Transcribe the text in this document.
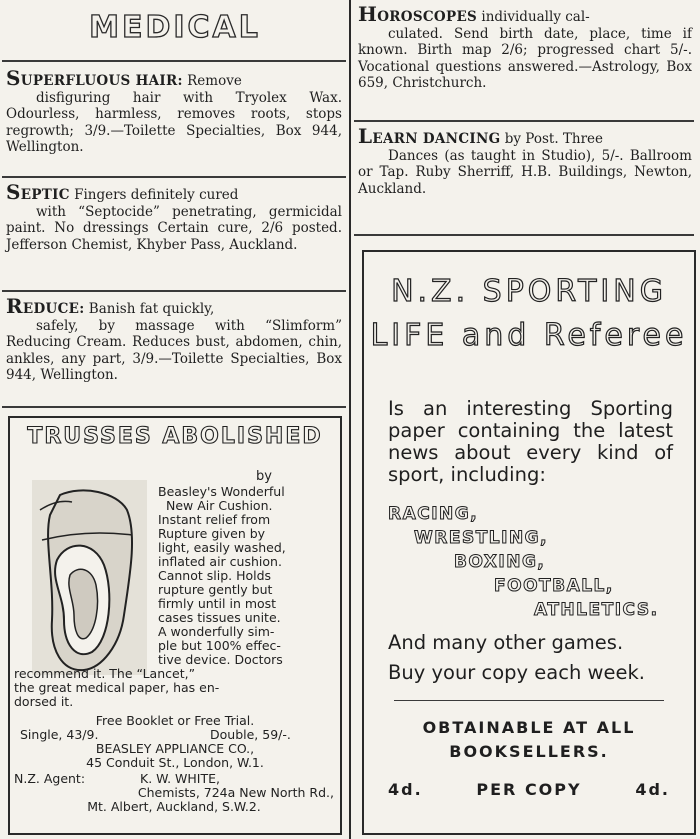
MEDICAL
SUPERFLUOUS HAIR: Remove
disfiguring hair with Tryolex Wax. Odourless, harmless, removes roots, stops regrowth; 3/9.—Toilette Specialties, Box 944, Wellington.
SEPTIC Fingers definitely cured
with “Septocide” penetrating, germicidal paint. No dressings Certain cure, 2/6 posted. Jefferson Chemist, Khyber Pass, Auckland.
REDUCE: Banish fat quickly,
safely, by massage with “Slimform” Reducing Cream. Reduces bust, abdomen, chin, ankles, any part, 3/9.—Toilette Specialties, Box 944, Wellington.
TRUSSES ABOLISHED
by
Beasley's Wonderful
New Air Cushion.
Instant relief from
Rupture given by
light, easily washed,
inflated air cushion.
Cannot slip. Holds
rupture gently but
firmly until in most
cases tissues unite.
A wonderfully sim-
ple but 100% effec-
tive device. Doctors
recommend it. The “Lancet,”
the great medical paper, has en-
dorsed it.
Free Booklet or Free Trial.
Single, 43/9.	Double, 59/-.
BEASLEY APPLIANCE CO.,
45 Conduit St., London, W.1.
N.Z. Agent:	K. W. WHITE,
Chemists, 724a New North Rd.,
Mt. Albert, Auckland, S.W.2.
HOROSCOPES individually cal-
culated. Send birth date, place, time if known. Birth map 2/6; progressed chart 5/-. Vocational questions answered.—Astrology, Box 659, Christchurch.
LEARN DANCING by Post. Three
Dances (as taught in Studio), 5/-. Ballroom or Tap. Ruby Sherriff, H.B. Buildings, Newton, Auckland.
N.Z. SPORTING
LIFE and Referee
Is an interesting Sporting paper containing the latest news about every kind of sport, including:
RACING,
WRESTLING,
BOXING,
FOOTBALL,
ATHLETICS.
And many other games.
Buy your copy each week.
OBTAINABLE AT ALL
BOOKSELLERS.
4d.	PER COPY	4d.
